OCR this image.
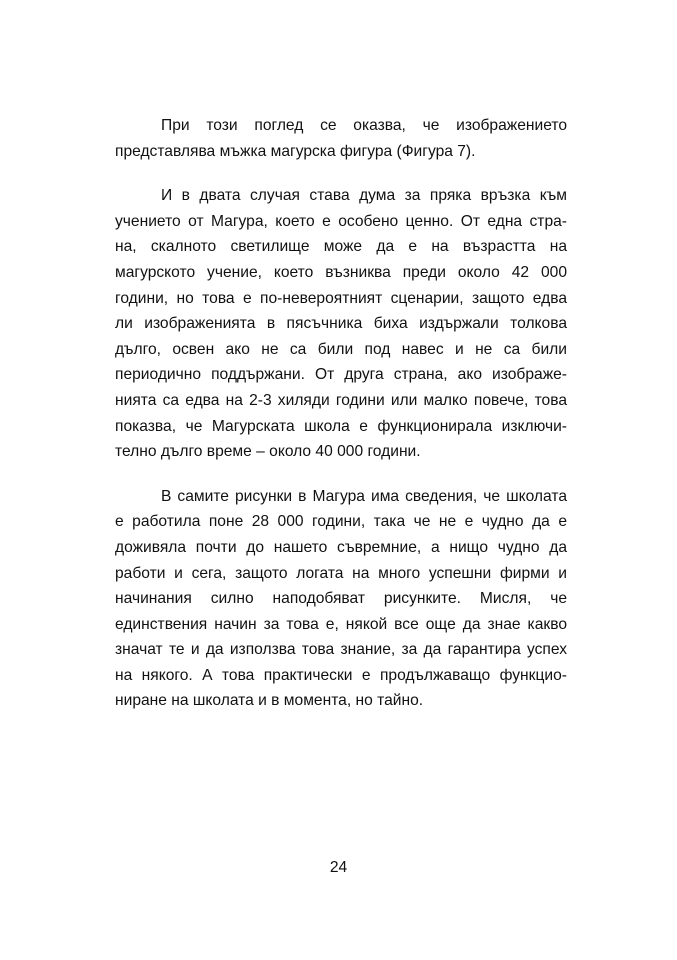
При този поглед се оказва, че изображението
представлява мъжка магурска фигура (Фигура 7).

И в двата случая става дума за пряка връзка към
учението от Магура, което е особено ценно. От една стра-
на, скалното светилище може да е на възрастта на
магурското учение, което възниква преди около 42 000
години, но това е по-невероятният сценарии, защото едва
ли изображенията в пясъчника биха издържали толкова
дълго, освен ако не са били под навес и не са били
периодично поддържани. От друга страна, ако изображе-
нията са едва на 2-3 хиляди години или малко повече, това
показва, че Магурската школа е функционирала изключи-
телно дълго време – около 40 000 години.

В самите рисунки в Магура има сведения, че школата
е работила поне 28 000 години, така че не е чудно да е
доживяла почти до нашето съвремние, а нищо чудно да
работи и сега, защото логата на много успешни фирми и
начинания силно наподобяват рисунките. Мисля, че
единствения начин за това е, някой все още да знае какво
значат те и да използва това знание, за да гарантира успех
на някого. А това практически е продължаващо функцио-
ниране на школата и в момента, но тайно.

24
